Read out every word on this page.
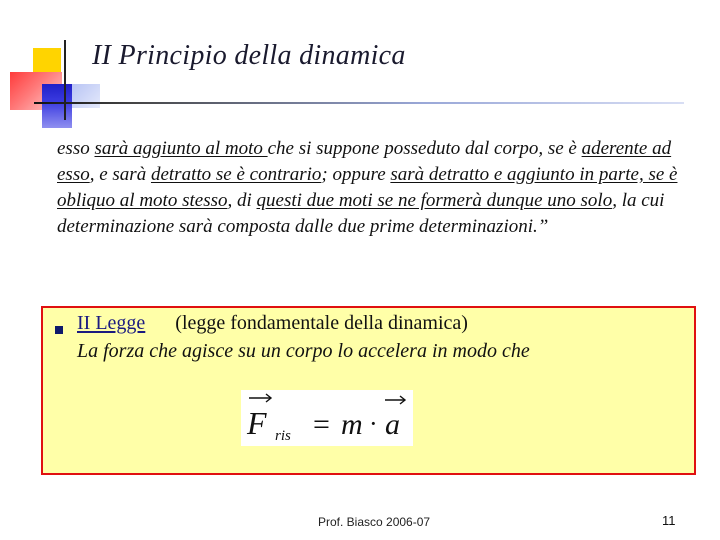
II Principio della dinamica
esso sarà aggiunto al moto che si suppone posseduto dal corpo, se è aderente ad esso, e sarà detratto se è contrario; oppure sarà detratto e aggiunto in parte, se è obliquo al moto stesso, di questi due moti se ne formerà dunque uno solo, la cui determinazione sarà composta dalle due prime determinazioni.”
II Legge (legge fondamentale della dinamica)
La forza che agisce su un corpo lo accelera in modo che
F ris = m · a
Prof. Biasco 2006-07	11
